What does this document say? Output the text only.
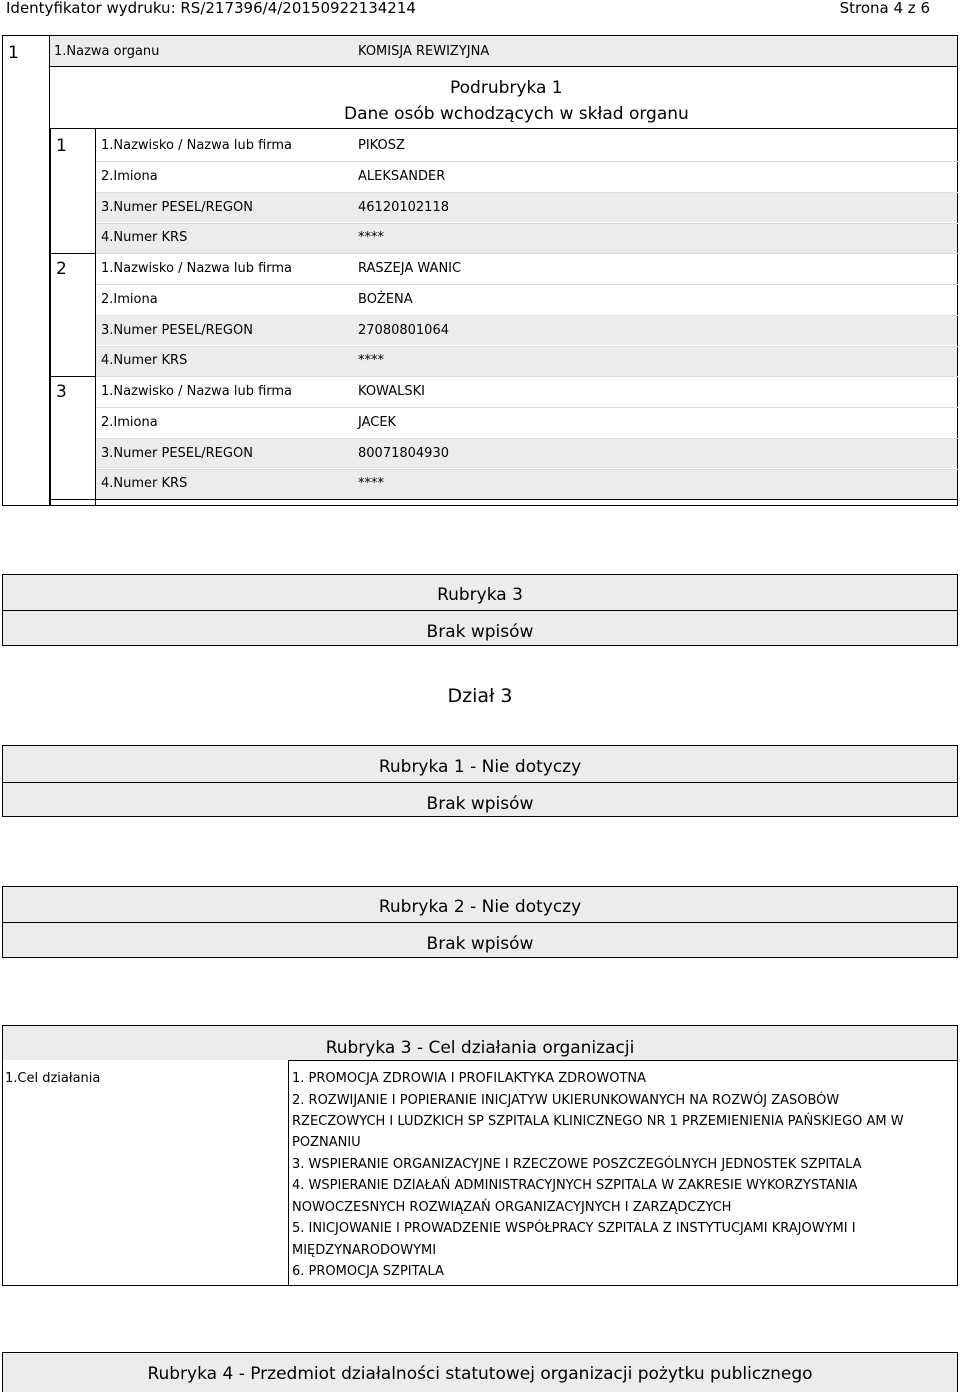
Identyfikator wydruku: RS/217396/4/20150922134214	Strona 4 z 6
1	1.Nazwa organu	KOMISJA REWIZYJNA
Podrubryka 1
Dane osób wchodzących w skład organu
1	1.Nazwisko / Nazwa lub firma	PIKOSZ
2.Imiona	ALEKSANDER
3.Numer PESEL/REGON	46120102118
4.Numer KRS	****
2	1.Nazwisko / Nazwa lub firma	RASZEJA WANIC
2.Imiona	BOŻENA
3.Numer PESEL/REGON	27080801064
4.Numer KRS	****
3	1.Nazwisko / Nazwa lub firma	KOWALSKI
2.Imiona	JACEK
3.Numer PESEL/REGON	80071804930
4.Numer KRS	****
Rubryka 3
Brak wpisów
Dział 3
Rubryka 1 - Nie dotyczy
Brak wpisów
Rubryka 2 - Nie dotyczy
Brak wpisów
Rubryka 3 - Cel działania organizacji
1.Cel działania	1. PROMOCJA ZDROWIA I PROFILAKTYKA ZDROWOTNA
2. ROZWIJANIE I POPIERANIE INICJATYW UKIERUNKOWANYCH NA ROZWÓJ ZASOBÓW
RZECZOWYCH I LUDZKICH SP SZPITALA KLINICZNEGO NR 1 PRZEMIENIENIA PAŃSKIEGO AM W
POZNANIU
3. WSPIERANIE ORGANIZACYJNE I RZECZOWE POSZCZEGÓLNYCH JEDNOSTEK SZPITALA
4. WSPIERANIE DZIAŁAŃ ADMINISTRACYJNYCH SZPITALA W ZAKRESIE WYKORZYSTANIA
NOWOCZESNYCH ROZWIĄZAŃ ORGANIZACYJNYCH I ZARZĄDCZYCH
5. INICJOWANIE I PROWADZENIE WSPÓŁPRACY SZPITALA Z INSTYTUCJAMI KRAJOWYMI I
MIĘDZYNARODOWYMI
6. PROMOCJA SZPITALA
Rubryka 4 - Przedmiot działalności statutowej organizacji pożytku publicznego
